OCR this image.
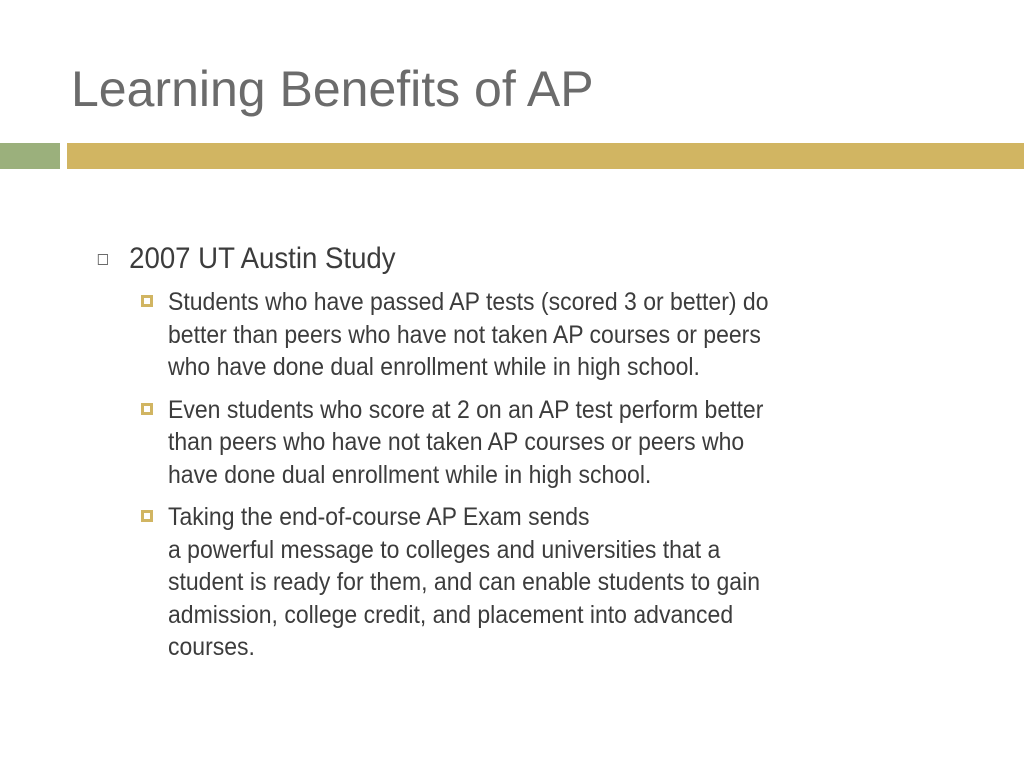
Learning Benefits of AP
2007 UT Austin Study
Students who have passed AP tests (scored 3 or better) do
better than peers who have not taken AP courses or peers
who have done dual enrollment while in high school.
Even students who score at 2 on an AP test perform better
than peers who have not taken AP courses or peers who
have done dual enrollment while in high school.
Taking the end-of-course AP Exam sends
a powerful message to colleges and universities that a
student is ready for them, and can enable students to gain
admission, college credit, and placement into advanced
courses.
